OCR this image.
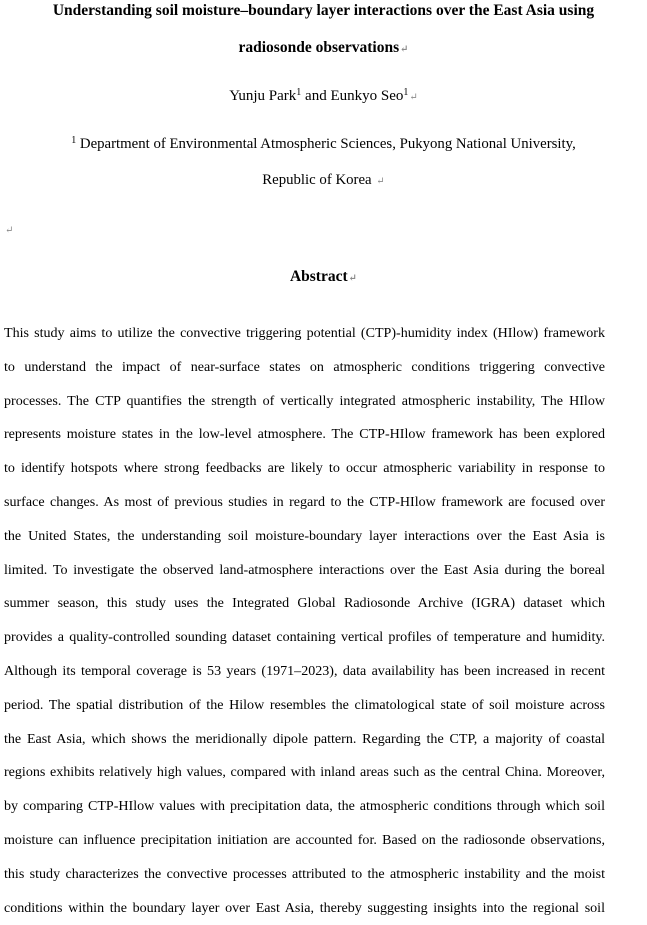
Understanding soil moisture–boundary layer interactions over the East Asia using
radiosonde observations↵
Yunju Park$^1$ and Eunkyo Seo$^1$↵
$^1$ Department of Environmental Atmospheric Sciences, Pukyong National University,
Republic of Korea ↵
↵
Abstract↵
This study aims to utilize the convective triggering potential (CTP)-humidity index (HIlow) framework
to understand the impact of near-surface states on atmospheric conditions triggering convective
processes. The CTP quantifies the strength of vertically integrated atmospheric instability, The HIlow
represents moisture states in the low-level atmosphere. The CTP-HIlow framework has been explored
to identify hotspots where strong feedbacks are likely to occur atmospheric variability in response to
surface changes. As most of previous studies in regard to the CTP-HIlow framework are focused over
the United States, the understanding soil moisture-boundary layer interactions over the East Asia is
limited. To investigate the observed land-atmosphere interactions over the East Asia during the boreal
summer season, this study uses the Integrated Global Radiosonde Archive (IGRA) dataset which
provides a quality-controlled sounding dataset containing vertical profiles of temperature and humidity.
Although its temporal coverage is 53 years (1971–2023), data availability has been increased in recent
period. The spatial distribution of the Hilow resembles the climatological state of soil moisture across
the East Asia, which shows the meridionally dipole pattern. Regarding the CTP, a majority of coastal
regions exhibits relatively high values, compared with inland areas such as the central China. Moreover,
by comparing CTP-HIlow values with precipitation data, the atmospheric conditions through which soil
moisture can influence precipitation initiation are accounted for. Based on the radiosonde observations,
this study characterizes the convective processes attributed to the atmospheric instability and the moist
conditions within the boundary layer over East Asia, thereby suggesting insights into the regional soil
